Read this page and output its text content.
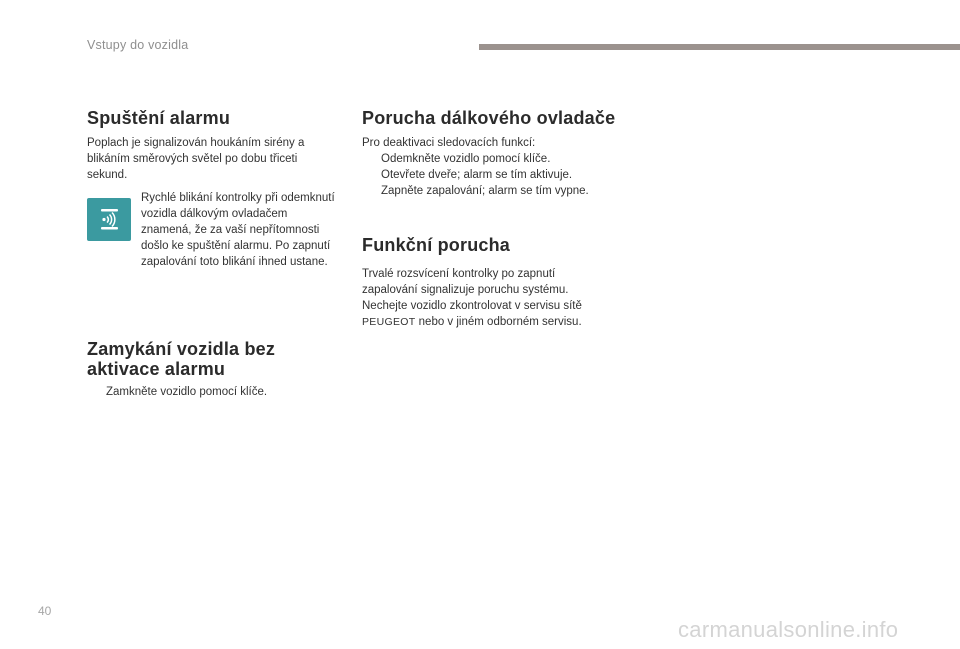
Vstupy do vozidla
Spuštění alarmu

Poplach je signalizován houkáním sirény a blikáním směrových světel po dobu třiceti sekund.

Rychlé blikání kontrolky při odemknutí vozidla dálkovým ovladačem znamená, že za vaší nepřítomnosti došlo ke spuštění alarmu. Po zapnutí zapalování toto blikání ihned ustane.

Zamykání vozidla bez aktivace alarmu
Zamkněte vozidlo pomocí klíče.
Porucha dálkového ovladače

Pro deaktivaci sledovacích funkcí:

Odemkněte vozidlo pomocí klíče.
Otevřete dveře; alarm se tím aktivuje.
Zapněte zapalování; alarm se tím vypne.
Funkční porucha

Trvalé rozsvícení kontrolky po zapnutí zapalování signalizuje poruchu systému. Nechejte vozidlo zkontrolovat v servisu sítě PEUGEOT nebo v jiném odborném servisu.

40
carmanualsonline.info
